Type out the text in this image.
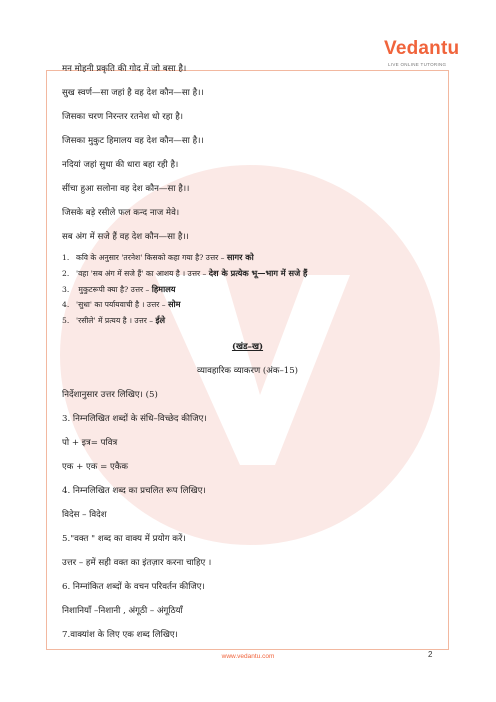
Vedantu
LIVE ONLINE TUTORING
मन मोहनी प्रकृति की गोद में जो बसा है।
सुख स्वर्ण—सा जहां है वह देश कौन—सा है।।
जिसका चरण निरन्तर रतनेश धो रहा है।
जिसका मुकुट हिमालय वह देश कौन—सा है।।
नदियां जहां सुधा की धारा बहा रही है।
सींचा हुआ सलोना वह देश कौन—सा है।।
जिसके बड़े रसीले फल कन्द नाज मेवे।
सब अंग में सजे हैं वह देश कौन—सा है।।
1. कवि के अनुसार 'तरनेश' किसको कहा गया है? उत्तर – सागर को
2. 'वहा 'सब अंग में सजे हैं' का आशय है । उत्तर – देश के प्रत्येक भू—भाग में सजे हैं
3. मुकुटरूपी क्या है? उत्तर – हिमालय
4. 'सुधा' का पर्यायवाची है । उत्तर – सोम
5. 'रसीले' में प्रत्यय है । उत्तर – ईले
(खंड–ख)
व्यावहारिक व्याकरण (अंक–15)
निर्देशानुसार उत्तर लिखिए। (5)
3. निम्नलिखित शब्दों के संधि–विच्छेद कीजिए।
पो + इत्र= पवित्र
एक + एक = एकैक
4. निम्नलिखित शब्द का प्रचलित रूप लिखिए।
विदेस – विदेश
5."वक्त " शब्द का वाक्य में प्रयोग करें।
उत्तर – हमें सही वक्त का इंतज़ार करना चाहिए ।
6. निम्नांकित शब्दों के वचन परिवर्तन कीजिए।
निशानियाँ –निशानी , अंगूठी – अंगूठियाँ
7.वाक्यांश के लिए एक शब्द लिखिए।
www.vedantu.com	2
